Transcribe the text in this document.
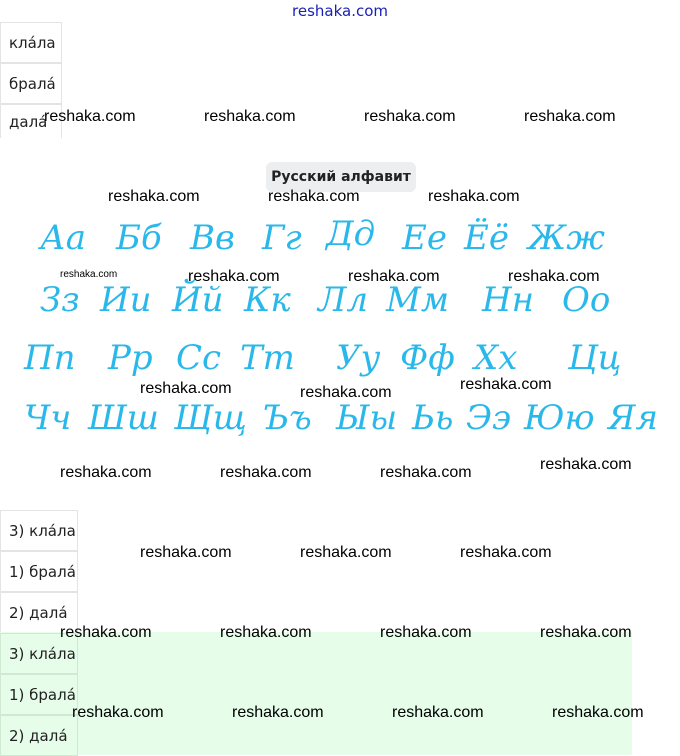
reshaka.com
кла́ла
брала́
дала́
Русский алфавит
Аа Бб Вв Гг Дд Ее Ёё Жж
Зз Ии Йй Кк Лл Мм Нн Оо
Пп Рр Сс Тт Уу Фф Хх Цц
Чч Шш Щщ Ъъ Ыы Ьь Ээ Юю Яя
3) кла́ла
1) брала́
2) дала́
3) кла́ла
1) брала́
2) дала́
reshaka.com	reshaka.com	reshaka.com	reshaka.com
reshaka.com	reshaka.com	reshaka.com
reshaka.com	reshaka.com	reshaka.com	reshaka.com
reshaka.com	reshaka.com	reshaka.com
reshaka.com	reshaka.com	reshaka.com	reshaka.com
reshaka.com	reshaka.com	reshaka.com
reshaka.com	reshaka.com	reshaka.com	reshaka.com
reshaka.com	reshaka.com	reshaka.com	reshaka.com
